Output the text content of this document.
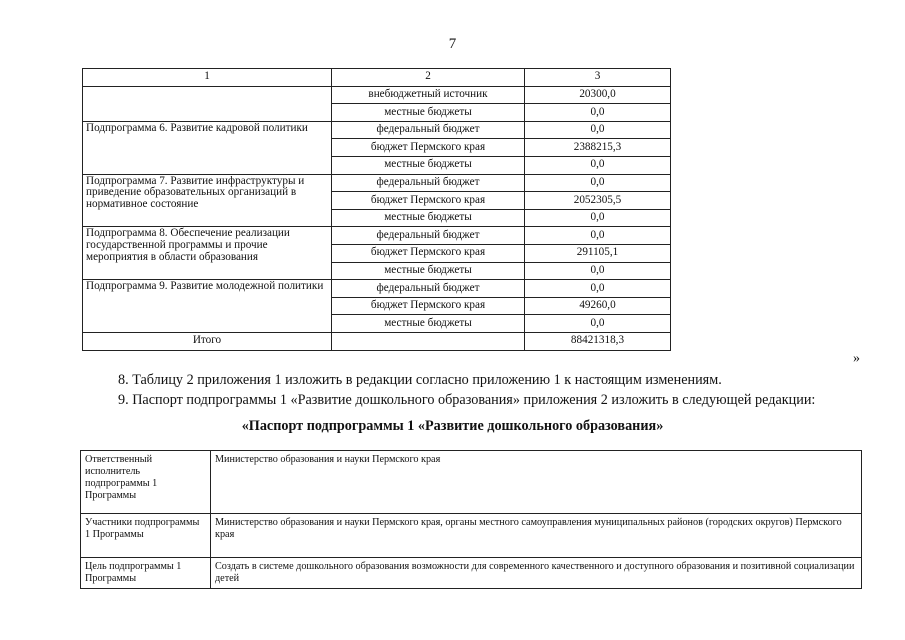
7
1	2	3
	внебюджетный источник	20300,0
	местные бюджеты	0,0
Подпрограмма 6. Развитие кадровой политики	федеральный бюджет	0,0
	бюджет Пермского края	2388215,3
	местные бюджеты	0,0
Подпрограмма 7. Развитие инфраструктуры и приведение образовательных организаций в нормативное состояние	федеральный бюджет	0,0
	бюджет Пермского края	2052305,5
	местные бюджеты	0,0
Подпрограмма 8. Обеспечение реализации государственной программы и прочие мероприятия в области образования	федеральный бюджет	0,0
	бюджет Пермского края	291105,1
	местные бюджеты	0,0
Подпрограмма 9. Развитие молодежной политики	федеральный бюджет	0,0
	бюджет Пермского края	49260,0
	местные бюджеты	0,0
Итого		88421318,3
»
8. Таблицу 2 приложения 1 изложить в редакции согласно приложению 1 к настоящим изменениям.
9. Паспорт подпрограммы 1 «Развитие дошкольного образования» приложения 2 изложить в следующей редакции:
«Паспорт подпрограммы 1 «Развитие дошкольного образования»
Ответственный исполнитель подпрограммы 1 Программы	Министерство образования и науки Пермского края
Участники подпрограммы 1 Программы	Министерство образования и науки Пермского края, органы местного самоуправления муниципальных районов (городских округов) Пермского края
Цель подпрограммы 1 Программы	Создать в системе дошкольного образования возможности для современного качественного и доступного образования и позитивной социализации детей
